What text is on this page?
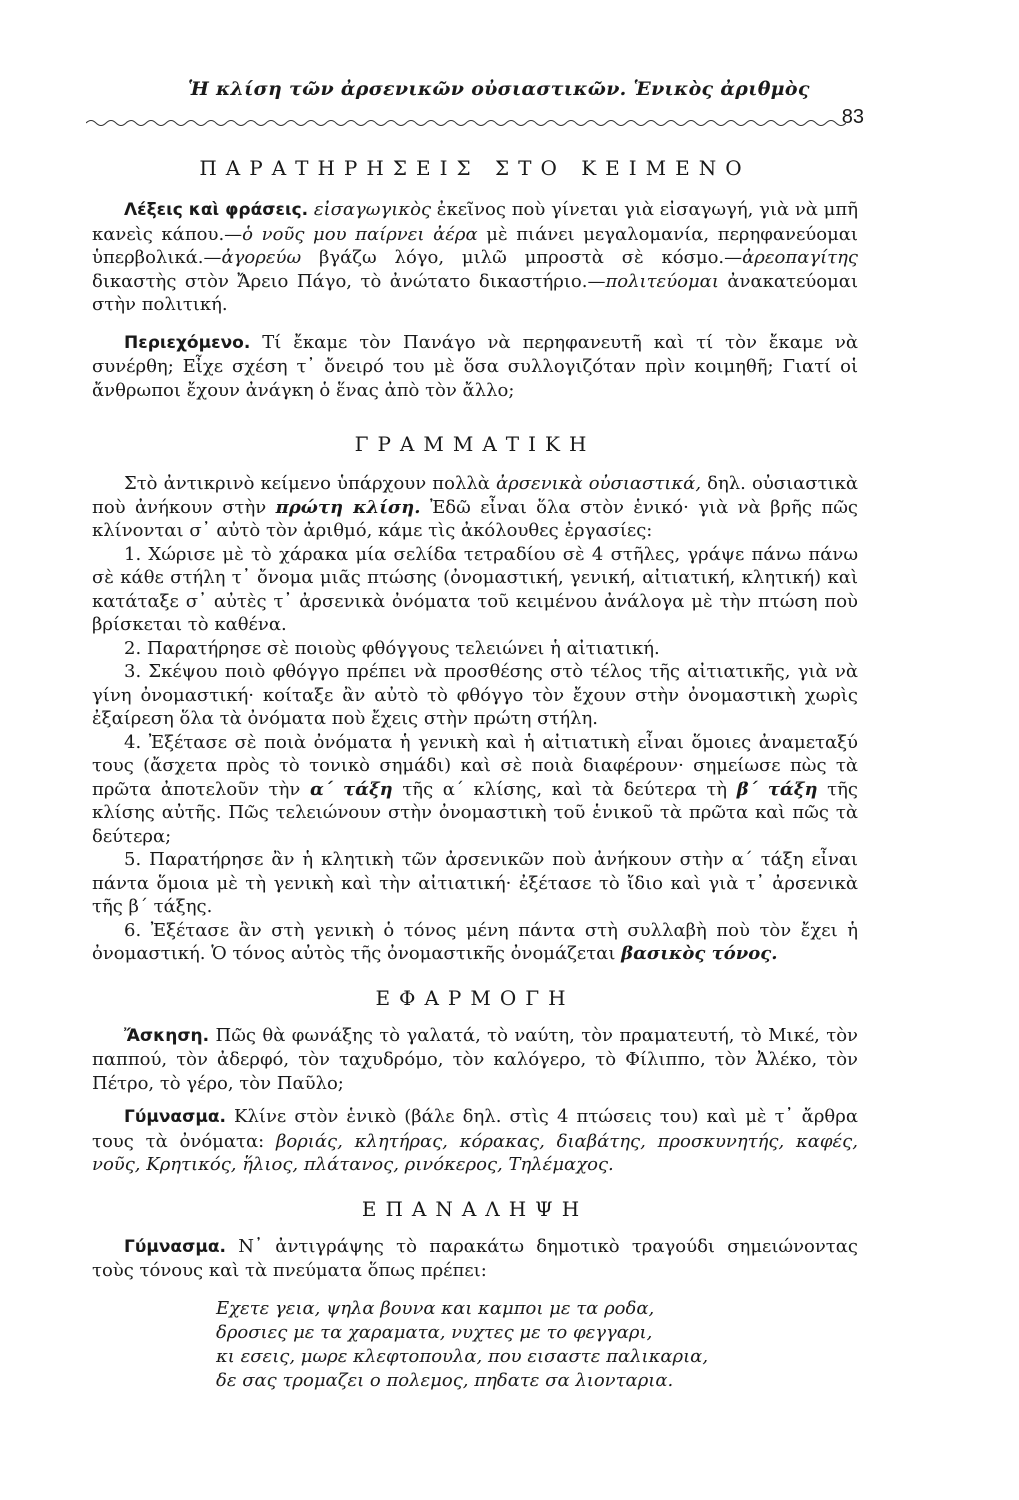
Ἡ κλίση τῶν ἀρσενικῶν οὐσιαστικῶν. Ἑνικὸς ἀριθμὸς
83
ΠΑΡΑΤΗΡΗΣΕΙΣ ΣΤΟ ΚΕΙΜΕΝΟ

Λέξεις καὶ φράσεις. εἰσαγωγικὸς ἐκεῖνος ποὺ γίνεται γιὰ εἰσαγωγή, γιὰ νὰ μπῆ κανεὶς κάπου.—ὁ νοῦς μου παίρνει ἀέρα μὲ πιάνει μεγαλομανία, περηφανεύομαι ὑπερβολικά.—ἀγορεύω βγάζω λόγο, μιλῶ μπροστὰ σὲ κόσμο.—ἀρεοπαγίτης δικαστὴς στὸν Ἄρειο Πάγο, τὸ ἀνώτατο δικαστήριο.—πολιτεύομαι ἀνακατεύομαι στὴν πολιτική.

Περιεχόμενο. Τί ἔκαμε τὸν Πανάγο νὰ περηφανευτῆ καὶ τί τὸν ἔκαμε νὰ συνέρθη; Εἶχε σχέση τ᾽ ὄνειρό του μὲ ὅσα συλλογιζόταν πρὶν κοιμηθῆ; Γιατί οἱ ἄνθρωποι ἔχουν ἀνάγκη ὁ ἕνας ἀπὸ τὸν ἄλλο;

ΓΡΑΜΜΑΤΙΚΗ

Στὸ ἀντικρινὸ κείμενο ὑπάρχουν πολλὰ ἀρσενικὰ οὐσιαστικά, δηλ. οὐσιαστικὰ ποὺ ἀνήκουν στὴν πρώτη κλίση. Ἐδῶ εἶναι ὅλα στὸν ἑνικό· γιὰ νὰ βρῆς πῶς κλίνονται σ᾽ αὐτὸ τὸν ἀριθμό, κάμε τὶς ἀκόλουθες ἐργασίες:

1. Χώρισε μὲ τὸ χάρακα μία σελίδα τετραδίου σὲ 4 στῆλες, γράψε πάνω πάνω σὲ κάθε στήλη τ᾽ ὄνομα μιᾶς πτώσης (ὀνομαστική, γενική, αἰτιατική, κλητική) καὶ κατάταξε σ᾽ αὐτὲς τ᾽ ἀρσενικὰ ὀνόματα τοῦ κειμένου ἀνάλογα μὲ τὴν πτώση ποὺ βρίσκεται τὸ καθένα.

2. Παρατήρησε σὲ ποιοὺς φθόγγους τελειώνει ἡ αἰτιατική.

3. Σκέψου ποιὸ φθόγγο πρέπει νὰ προσθέσης στὸ τέλος τῆς αἰτιατικῆς, γιὰ νὰ γίνη ὀνομαστική· κοίταξε ἂν αὐτὸ τὸ φθόγγο τὸν ἔχουν στὴν ὀνομαστικὴ χωρὶς ἐξαίρεση ὅλα τὰ ὀνόματα ποὺ ἔχεις στὴν πρώτη στήλη.

4. Ἐξέτασε σὲ ποιὰ ὀνόματα ἡ γενικὴ καὶ ἡ αἰτιατικὴ εἶναι ὅμοιες ἀναμεταξύ τους (ἄσχετα πρὸς τὸ τονικὸ σημάδι) καὶ σὲ ποιὰ διαφέρουν· σημείωσε πὼς τὰ πρῶτα ἀποτελοῦν τὴν α΄ τάξη τῆς α΄ κλίσης, καὶ τὰ δεύτερα τὴ β΄ τάξη τῆς κλίσης αὐτῆς. Πῶς τελειώνουν στὴν ὀνομαστικὴ τοῦ ἑνικοῦ τὰ πρῶτα καὶ πῶς τὰ δεύτερα;

5. Παρατήρησε ἂν ἡ κλητικὴ τῶν ἀρσενικῶν ποὺ ἀνήκουν στὴν α΄ τάξη εἶναι πάντα ὅμοια μὲ τὴ γενικὴ καὶ τὴν αἰτιατική· ἐξέτασε τὸ ἴδιο καὶ γιὰ τ᾽ ἀρσενικὰ τῆς β΄ τάξης.

6. Ἐξέτασε ἂν στὴ γενικὴ ὁ τόνος μένη πάντα στὴ συλλαβὴ ποὺ τὸν ἔχει ἡ ὀνομαστική. Ὁ τόνος αὐτὸς τῆς ὀνομαστικῆς ὀνομάζεται βασικὸς τόνος.

ΕΦΑΡΜΟΓΗ

Ἄσκηση. Πῶς θὰ φωνάξης τὸ γαλατά, τὸ ναύτη, τὸν πραματευτή, τὸ Μικέ, τὸν παππού, τὸν ἀδερφό, τὸν ταχυδρόμο, τὸν καλόγερο, τὸ Φίλιππο, τὸν Ἀλέκο, τὸν Πέτρο, τὸ γέρο, τὸν Παῦλο;

Γύμνασμα. Κλίνε στὸν ἑνικὸ (βάλε δηλ. στὶς 4 πτώσεις του) καὶ μὲ τ᾽ ἄρθρα τους τὰ ὀνόματα: βοριάς, κλητήρας, κόρακας, διαβάτης, προσκυνητής, καφές, νοῦς, Κρητικός, ἥλιος, πλάτανος, ρινόκερος, Τηλέμαχος.

ΕΠΑΝΑΛΗΨΗ

Γύμνασμα. Ν᾽ ἀντιγράψης τὸ παρακάτω δημοτικὸ τραγούδι σημειώνοντας τοὺς τόνους καὶ τὰ πνεύματα ὅπως πρέπει:

Εχετε γεια, ψηλα βουνα και καμποι με τα ροδα,
δροσιες με τα χαραματα, νυχτες με το φεγγαρι,
κι εσεις, μωρε κλεφτοπουλα, που εισαστε παλικαρια,
δε σας τρομαζει ο πολεμος, πηδατε σα λιονταρια.
